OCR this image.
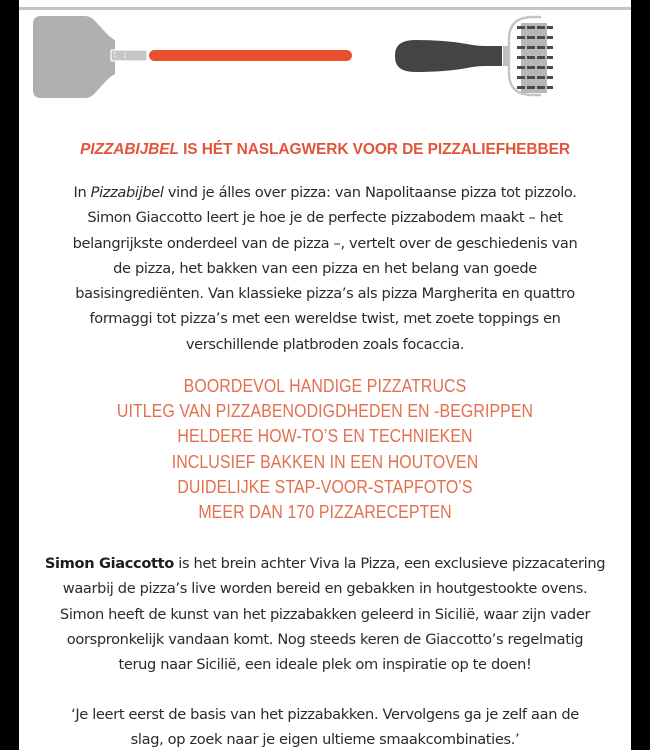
PIZZABIJBEL IS HÉT NASLAGWERK VOOR DE PIZZALIEFHEBBER
In Pizzabijbel vind je álles over pizza: van Napolitaanse pizza tot pizzolo.
Simon Giaccotto leert je hoe je de perfecte pizzabodem maakt – het
belangrijkste onderdeel van de pizza –, vertelt over de geschiedenis van
de pizza, het bakken van een pizza en het belang van goede
basisingrediënten. Van klassieke pizza’s als pizza Margherita en quattro
formaggi tot pizza’s met een wereldse twist, met zoete toppings en
verschillende platbroden zoals focaccia.
BOORDEVOL HANDIGE PIZZATRUCS
UITLEG VAN PIZZABENODIGDHEDEN EN -BEGRIPPEN
HELDERE HOW-TO’S EN TECHNIEKEN
INCLUSIEF BAKKEN IN EEN HOUTOVEN
DUIDELIJKE STAP-VOOR-STAPFOTO’S
MEER DAN 170 PIZZARECEPTEN
Simon Giaccotto is het brein achter Viva la Pizza, een exclusieve pizzacatering
waarbij de pizza’s live worden bereid en gebakken in houtgestookte ovens.
Simon heeft de kunst van het pizzabakken geleerd in Sicilië, waar zijn vader
oorspronkelijk vandaan komt. Nog steeds keren de Giaccotto’s regelmatig
terug naar Sicilië, een ideale plek om inspiratie op te doen!
‘Je leert eerst de basis van het pizzabakken. Vervolgens ga je zelf aan de
slag, op zoek naar je eigen ultieme smaakcombinaties.’
